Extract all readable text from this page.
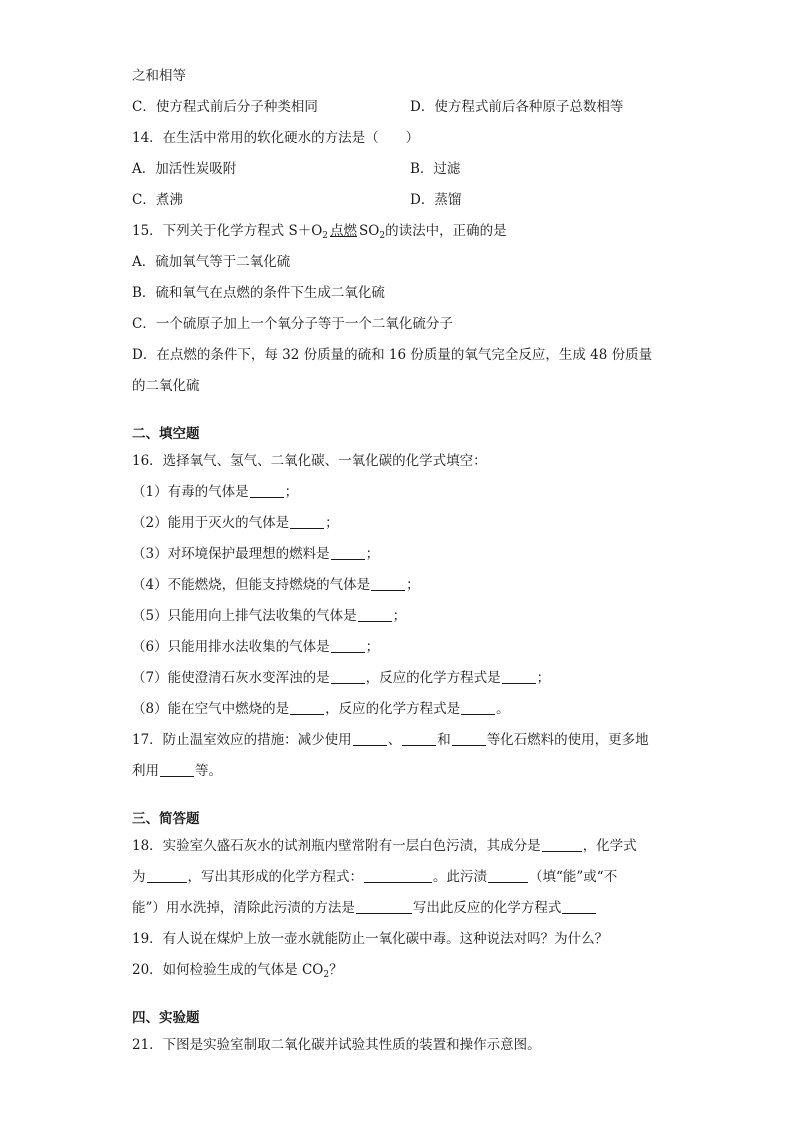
之和相等
C．使方程式前后分子种类相同	D．使方程式前后各种原子总数相等
14．在生活中常用的软化硬水的方法是（　　）
A．加活性炭吸附	B．过滤
C．煮沸	D．蒸馏
15．下列关于化学方程式 $S+O_2$ 点燃 $SO_2$的读法中，正确的是
A．硫加氧气等于二氧化硫
B．硫和氧气在点燃的条件下生成二氧化硫
C．一个硫原子加上一个氧分子等于一个二氧化硫分子
D．在点燃的条件下，每 32 份质量的硫和 16 份质量的氧气完全反应，生成 48 份质量
的二氧化硫
二、填空题
16．选择氧气、氢气、二氧化碳、一氧化碳的化学式填空：
（1）有毒的气体是	；
（2）能用于灭火的气体是	；
（3）对环境保护最理想的燃料是	；
（4）不能燃烧，但能支持燃烧的气体是	；
（5）只能用向上排气法收集的气体是	；
（6）只能用排水法收集的气体是	；
（7）能使澄清石灰水变浑浊的是	，反应的化学方程式是	；
（8）能在空气中燃烧的是	，反应的化学方程式是	。
17．防止温室效应的措施：减少使用	、	和	等化石燃料的使用，更多地
利用	等。
三、简答题
18．实验室久盛石灰水的试剂瓶内壁常附有一层白色污渍，其成分是	，化学式
为	，写出其形成的化学方程式：	。此污渍	（填“能”或“不
能”）用水洗掉，清除此污渍的方法是	写出此反应的化学方程式
19．有人说在煤炉上放一壶水就能防止一氧化碳中毒。这种说法对吗？为什么？
20．如何检验生成的气体是 $CO_2$？
四、实验题
21．下图是实验室制取二氧化碳并试验其性质的装置和操作示意图。
